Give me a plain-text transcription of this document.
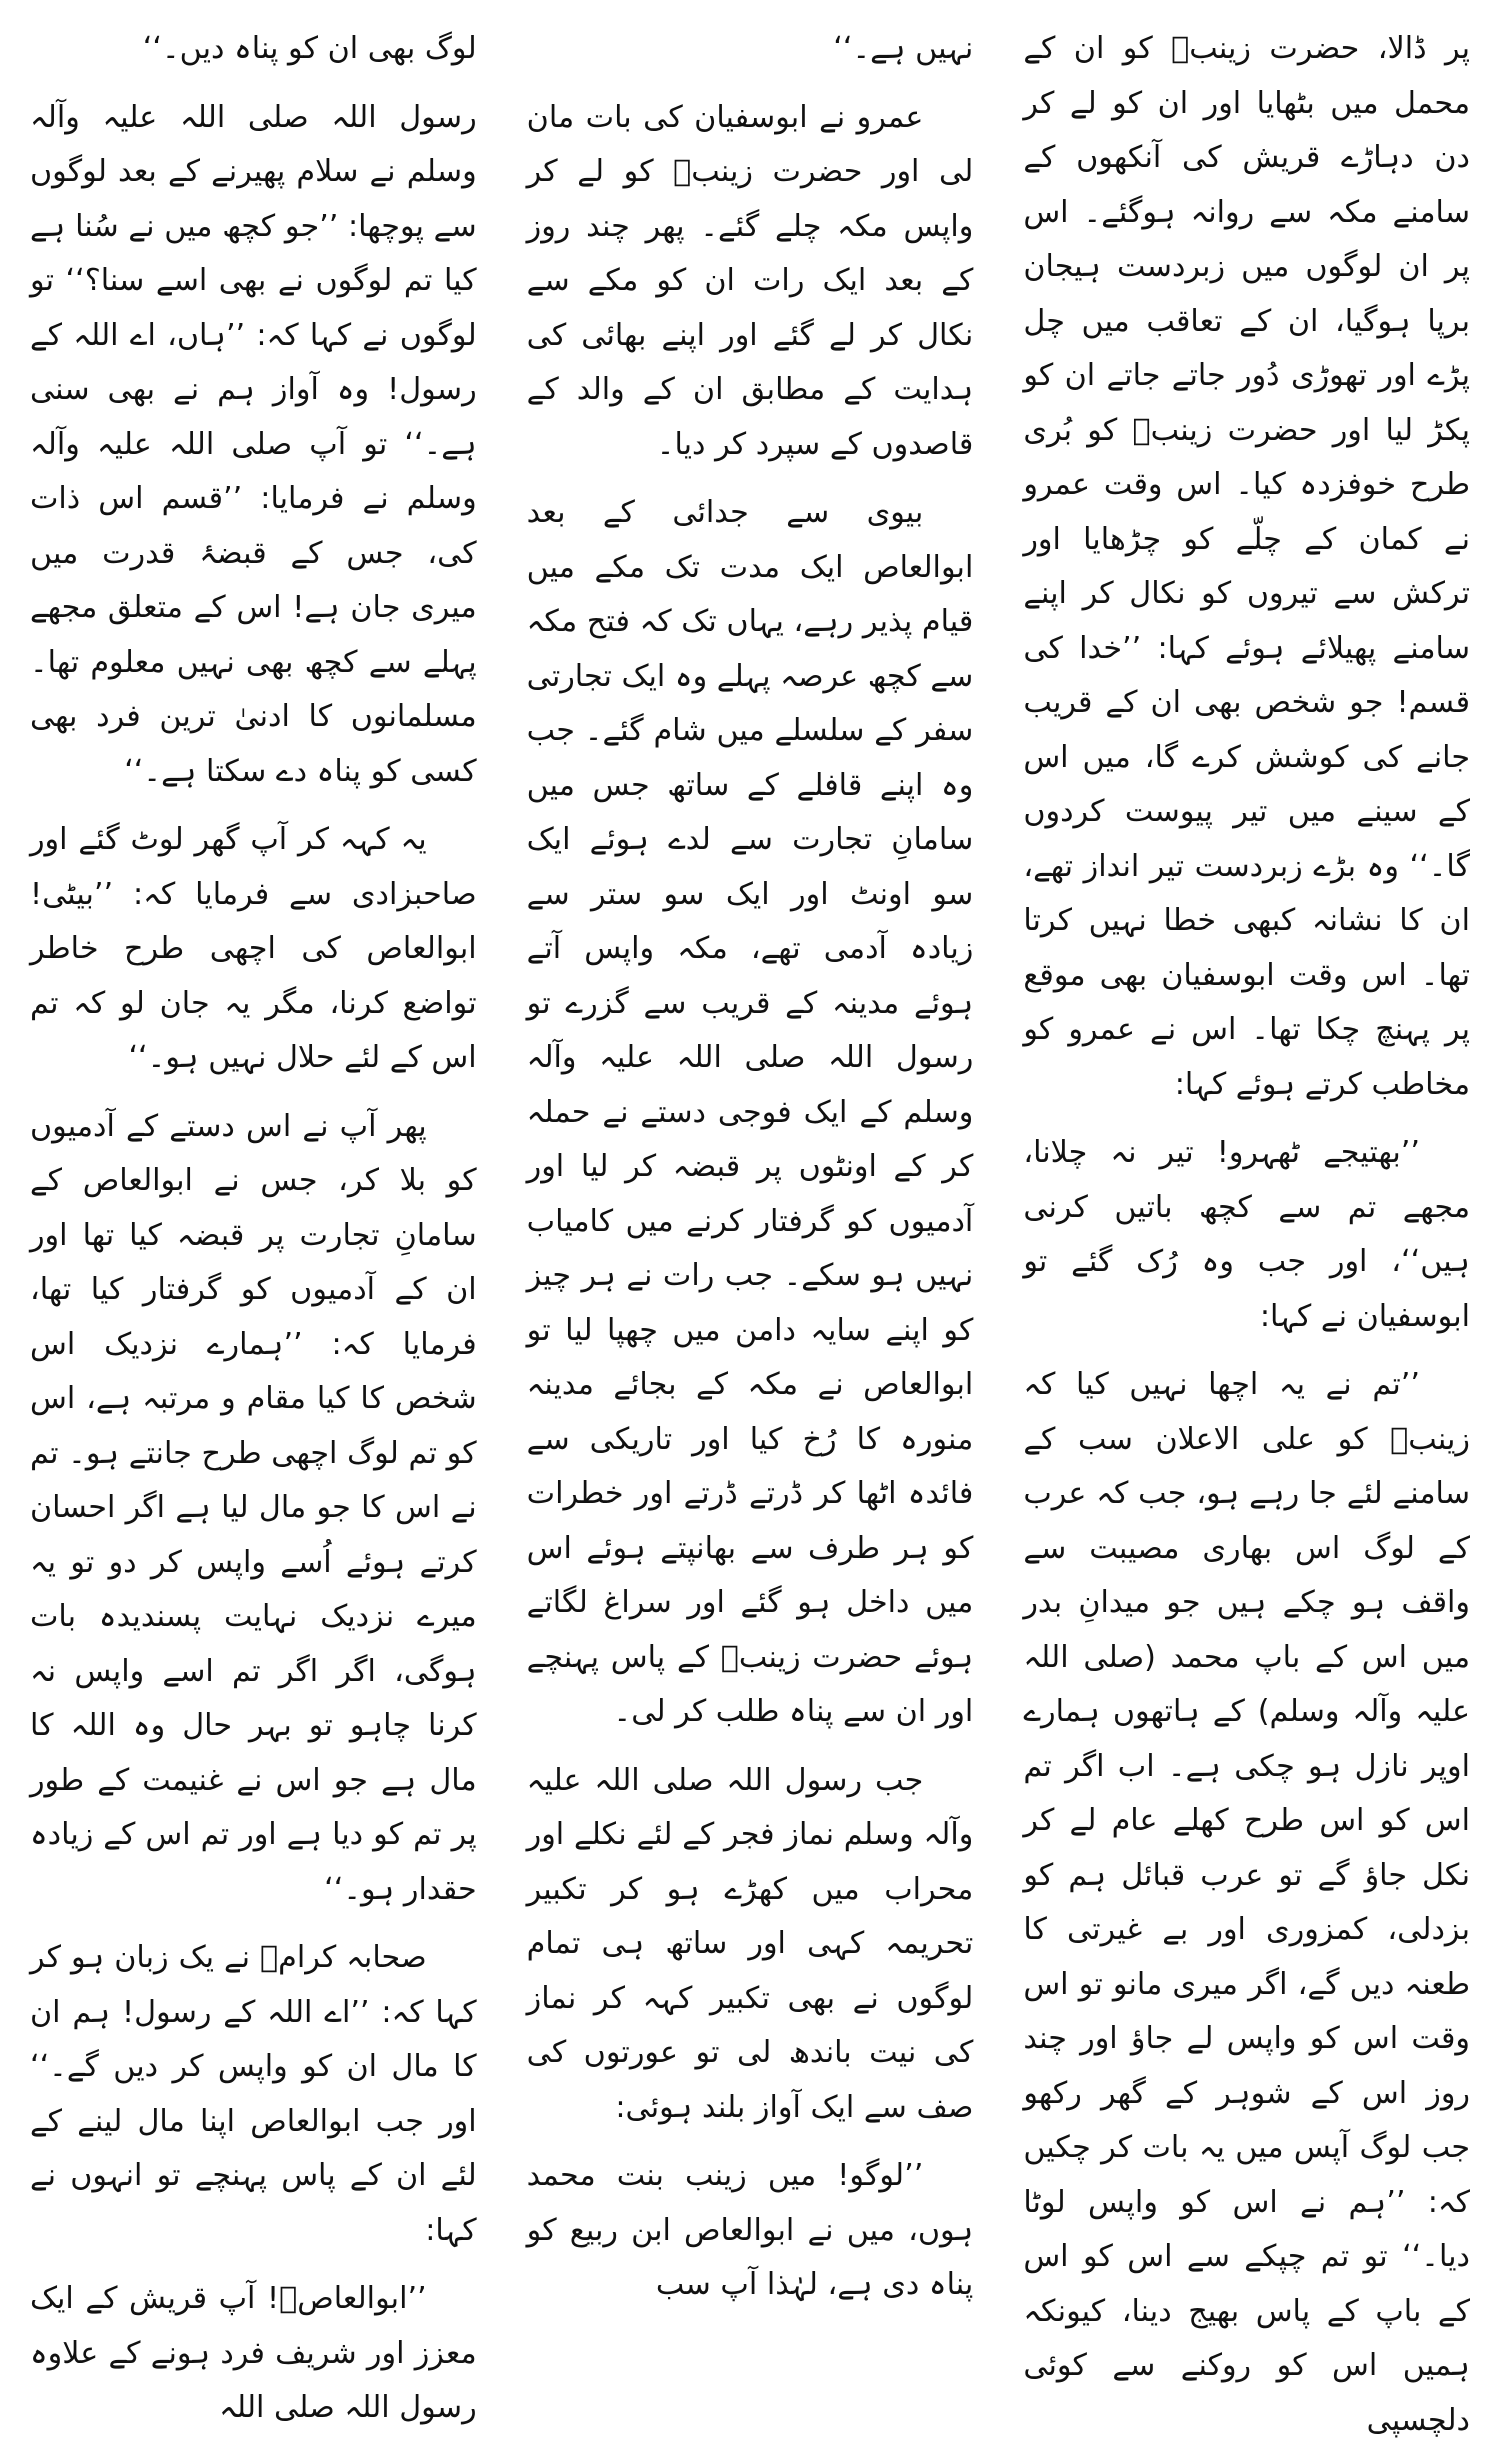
پر ڈالا، حضرت زینبؓ کو ان کے محمل میں بٹھایا اور ان کو لے کر دن دہاڑے قریش کی آنکھوں کے سامنے مکہ سے روانہ ہوگئے۔ اس پر ان لوگوں میں زبردست ہیجان برپا ہوگیا، ان کے تعاقب میں چل پڑے اور تھوڑی دُور جاتے جاتے ان کو پکڑ لیا اور حضرت زینبؓ کو بُری طرح خوفزدہ کیا۔ اس وقت عمرو نے کمان کے چلّے کو چڑھایا اور ترکش سے تیروں کو نکال کر اپنے سامنے پھیلائے ہوئے کہا: ’’خدا کی قسم! جو شخص بھی ان کے قریب جانے کی کوشش کرے گا، میں اس کے سینے میں تیر پیوست کردوں گا۔‘‘ وہ بڑے زبردست تیر انداز تھے، ان کا نشانہ کبھی خطا نہیں کرتا تھا۔ اس وقت ابوسفیان بھی موقع پر پہنچ چکا تھا۔ اس نے عمرو کو مخاطب کرتے ہوئے کہا:

’’بھتیجے ٹھہرو! تیر نہ چلانا، مجھے تم سے کچھ باتیں کرنی ہیں‘‘، اور جب وہ رُک گئے تو ابوسفیان نے کہا:

’’تم نے یہ اچھا نہیں کیا کہ زینبؓ کو علی الاعلان سب کے سامنے لئے جا رہے ہو، جب کہ عرب کے لوگ اس بھاری مصیبت سے واقف ہو چکے ہیں جو میدانِ بدر میں اس کے باپ محمد (صلی اللہ علیہ وآلہ وسلم) کے ہاتھوں ہمارے اوپر نازل ہو چکی ہے۔ اب اگر تم اس کو اس طرح کھلے عام لے کر نکل جاؤ گے تو عرب قبائل ہم کو بزدلی، کمزوری اور بے غیرتی کا طعنہ دیں گے، اگر میری مانو تو اس وقت اس کو واپس لے جاؤ اور چند روز اس کے شوہر کے گھر رکھو جب لوگ آپس میں یہ بات کر چکیں کہ: ’’ہم نے اس کو واپس لوٹا دیا۔‘‘ تو تم چپکے سے اس کو اس کے باپ کے پاس بھیج دینا، کیونکہ ہمیں اس کو روکنے سے کوئی دلچسپی

نہیں ہے۔‘‘

عمرو نے ابوسفیان کی بات مان لی اور حضرت زینبؓ کو لے کر واپس مکہ چلے گئے۔ پھر چند روز کے بعد ایک رات ان کو مکے سے نکال کر لے گئے اور اپنے بھائی کی ہدایت کے مطابق ان کے والد کے قاصدوں کے سپرد کر دیا۔

بیوی سے جدائی کے بعد ابوالعاص ایک مدت تک مکے میں قیام پذیر رہے، یہاں تک کہ فتح مکہ سے کچھ عرصہ پہلے وہ ایک تجارتی سفر کے سلسلے میں شام گئے۔ جب وہ اپنے قافلے کے ساتھ جس میں سامانِ تجارت سے لدے ہوئے ایک سو اونٹ اور ایک سو ستر سے زیادہ آدمی تھے، مکہ واپس آتے ہوئے مدینہ کے قریب سے گزرے تو رسول اللہ صلی اللہ علیہ وآلہ وسلم کے ایک فوجی دستے نے حملہ کر کے اونٹوں پر قبضہ کر لیا اور آدمیوں کو گرفتار کرنے میں کامیاب نہیں ہو سکے۔ جب رات نے ہر چیز کو اپنے سایہ دامن میں چھپا لیا تو ابوالعاص نے مکہ کے بجائے مدینہ منورہ کا رُخ کیا اور تاریکی سے فائدہ اٹھا کر ڈرتے ڈرتے اور خطرات کو ہر طرف سے بھانپتے ہوئے اس میں داخل ہو گئے اور سراغ لگاتے ہوئے حضرت زینبؓ کے پاس پہنچے اور ان سے پناہ طلب کر لی۔

جب رسول اللہ صلی اللہ علیہ وآلہ وسلم نماز فجر کے لئے نکلے اور محراب میں کھڑے ہو کر تکبیر تحریمہ کہی اور ساتھ ہی تمام لوگوں نے بھی تکبیر کہہ کر نماز کی نیت باندھ لی تو عورتوں کی صف سے ایک آواز بلند ہوئی:

’’لوگو! میں زینب بنت محمد ہوں، میں نے ابوالعاص ابن ربیع کو پناہ دی ہے، لہٰذا آپ سب

لوگ بھی ان کو پناہ دیں۔‘‘

رسول اللہ صلی اللہ علیہ وآلہ وسلم نے سلام پھیرنے کے بعد لوگوں سے پوچھا: ’’جو کچھ میں نے سُنا ہے کیا تم لوگوں نے بھی اسے سنا؟‘‘ تو لوگوں نے کہا کہ: ’’ہاں، اے اللہ کے رسول! وہ آواز ہم نے بھی سنی ہے۔‘‘ تو آپ صلی اللہ علیہ وآلہ وسلم نے فرمایا: ’’قسم اس ذات کی، جس کے قبضۂ قدرت میں میری جان ہے! اس کے متعلق مجھے پہلے سے کچھ بھی نہیں معلوم تھا۔ مسلمانوں کا ادنیٰ ترین فرد بھی کسی کو پناہ دے سکتا ہے۔‘‘

یہ کہہ کر آپ گھر لوٹ گئے اور صاحبزادی سے فرمایا کہ: ’’بیٹی! ابوالعاص کی اچھی طرح خاطر تواضع کرنا، مگر یہ جان لو کہ تم اس کے لئے حلال نہیں ہو۔‘‘

پھر آپ نے اس دستے کے آدمیوں کو بلا کر، جس نے ابوالعاص کے سامانِ تجارت پر قبضہ کیا تھا اور ان کے آدمیوں کو گرفتار کیا تھا، فرمایا کہ: ’’ہمارے نزدیک اس شخص کا کیا مقام و مرتبہ ہے، اس کو تم لوگ اچھی طرح جانتے ہو۔ تم نے اس کا جو مال لیا ہے اگر احسان کرتے ہوئے اُسے واپس کر دو تو یہ میرے نزدیک نہایت پسندیدہ بات ہوگی، اگر اگر تم اسے واپس نہ کرنا چاہو تو بہر حال وہ اللہ کا مال ہے جو اس نے غنیمت کے طور پر تم کو دیا ہے اور تم اس کے زیادہ حقدار ہو۔‘‘

صحابہ کرامؓ نے یک زبان ہو کر کہا کہ: ’’اے اللہ کے رسول! ہم ان کا مال ان کو واپس کر دیں گے۔‘‘ اور جب ابوالعاص اپنا مال لینے کے لئے ان کے پاس پہنچے تو انہوں نے کہا:

’’ابوالعاصؓ! آپ قریش کے ایک معزز اور شریف فرد ہونے کے علاوہ رسول اللہ صلی اللہ
